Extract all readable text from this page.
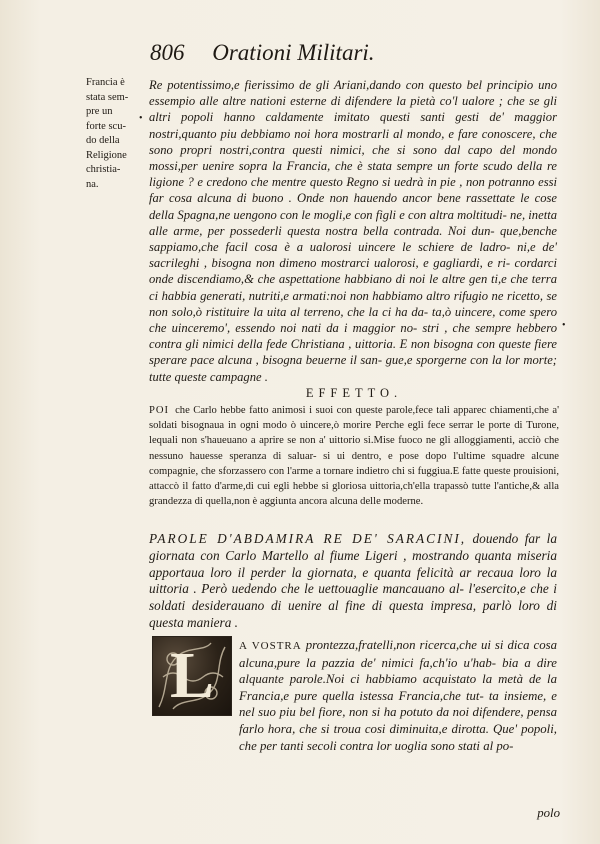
806 Orationi Militari.
Francia è
stata sem-
pre un
forte scu-
do della
Religione
christia-
na.
•
•
Re potentissimo,e fierissimo de gli Ariani,dando con questo bel principio uno essempio alle altre nationi esterne di difendere la pietà co'l ualore ; che se gli altri popoli hanno caldamente imitato questi santi gesti de' maggior nostri,quanto piu debbiamo noi hora mostrarli al mondo, e fare conoscere, che sono propri nostri,contra questi nimici, che si sono dal capo del mondo mossi,per uenire sopra la Francia, che è stata sempre un forte scudo della re ligione ? e credono che mentre questo Regno si uedrà in pie , non potranno essi far cosa alcuna di buono . Onde non hauendo ancor bene rassettate le cose della Spagna,ne uengono con le mogli,e con figli e con altra moltitudi- ne, inetta alle arme, per possederli questa nostra bella contrada. Noi dun- que,benche sappiamo,che facil cosa è a ualorosi uincere le schiere de ladro- ni,e de' sacrileghi , bisogna non dimeno mostrarci ualorosi, e gagliardi, e ri- cordarci onde discendiamo,& che aspettatione habbiano di noi le altre gen ti,e che terra ci habbia generati, nutriti,e armati:noi non habbiamo altro rifugio ne ricetto, se non solo,ò ristituire la uita al terreno, che la ci ha da- ta,ò uincere, come spero che uinceremo', essendo noi nati da i maggior no- stri , che sempre hebbero contra gli nimici della fede Christiana , uittoria. E non bisogna con queste fiere sperare pace alcuna , bisogna beuerne il san- gue,e sporgerne con la lor morte; tutte queste campagne .
EFFETTO.
POI che Carlo hebbe fatto animosi i suoi con queste parole,fece tali apparec chiamenti,che a' soldati bisognaua in ogni modo ò uincere,ò morire Perche egli fece serrar le porte di Turone, lequali non s'haueuano a aprire se non a' uittorio si.Mise fuoco ne gli alloggiamenti, acciò che nessuno hauesse speranza di saluar- si ui dentro, e pose dopo l'ultime squadre alcune compagnie, che sforzassero con l'arme a tornare indietro chi si fuggiua.E fatte queste prouisioni, attaccò il fatto d'arme,di cui egli hebbe si gloriosa uittoria,ch'ella trapassò tutte l'antiche,& alla grandezza di quella,non è aggiunta ancora alcuna delle moderne.
PAROLE D'ABDAMIRA RE DE' SARACINI, douendo far la giornata con Carlo Martello al fiume Ligeri , mostrando quanta miseria apportaua loro il perder la giornata, e quanta felicità ar recaua loro la uittoria . Però uedendo che le uettouaglie mancauano al- l'esercito,e che i soldati desiderauano di uenire al fine di questa impresa, parlò loro di questa maniera .
L	A VOSTRA prontezza,fratelli,non ricerca,che ui si dica cosa alcuna,pure la pazzia de' nimici fa,ch'io u'hab- bia a dire alquante parole.Noi ci habbiamo acquistato la metà de la Francia,e pure quella istessa Francia,che tut- ta insieme, e nel suo piu bel fiore, non si ha potuto da noi difendere, pensa farlo hora, che si troua cosi diminuita,e dirotta. Que' popoli, che per tanti secoli contra lor uoglia sono stati al po-
polo
